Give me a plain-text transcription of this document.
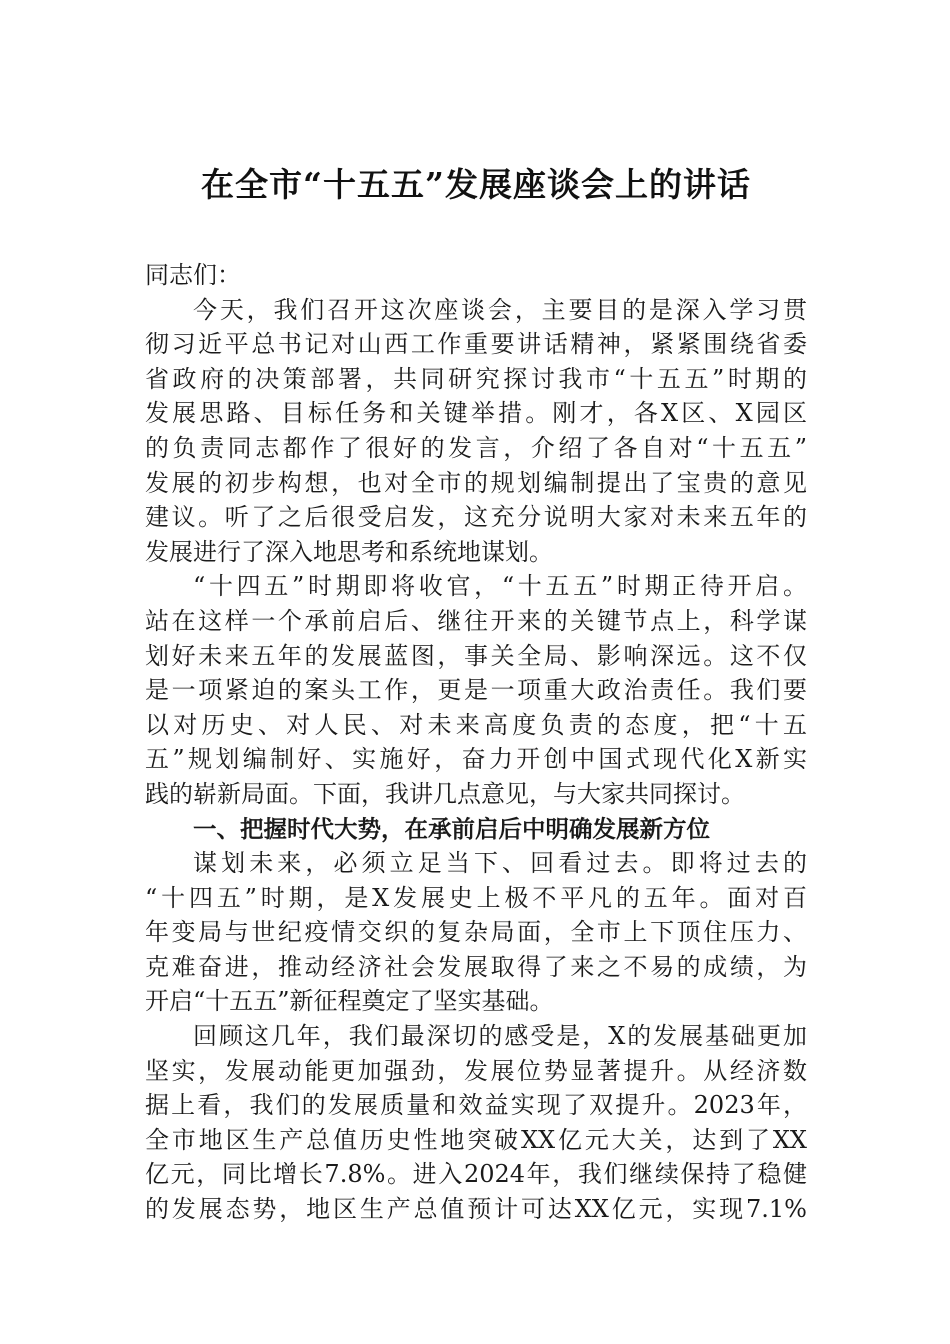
在全市“十五五”发展座谈会上的讲话
同志们：
今天，我们召开这次座谈会，主要目的是深入学习贯
彻习近平总书记对山西工作重要讲话精神，紧紧围绕省委
省政府的决策部署，共同研究探讨我市“十五五”时期的
发展思路、目标任务和关键举措。刚才，各X区、X园区
的负责同志都作了很好的发言，介绍了各自对“十五五”
发展的初步构想，也对全市的规划编制提出了宝贵的意见
建议。听了之后很受启发，这充分说明大家对未来五年的
发展进行了深入地思考和系统地谋划。
“十四五”时期即将收官，“十五五”时期正待开启。
站在这样一个承前启后、继往开来的关键节点上，科学谋
划好未来五年的发展蓝图，事关全局、影响深远。这不仅
是一项紧迫的案头工作，更是一项重大政治责任。我们要
以对历史、对人民、对未来高度负责的态度，把“十五
五”规划编制好、实施好，奋力开创中国式现代化X新实
践的崭新局面。下面，我讲几点意见，与大家共同探讨。
一、把握时代大势，在承前启后中明确发展新方位
谋划未来，必须立足当下、回看过去。即将过去的
“十四五”时期，是X发展史上极不平凡的五年。面对百
年变局与世纪疫情交织的复杂局面，全市上下顶住压力、
克难奋进，推动经济社会发展取得了来之不易的成绩，为
开启“十五五”新征程奠定了坚实基础。
回顾这几年，我们最深切的感受是，X的发展基础更加
坚实，发展动能更加强劲，发展位势显著提升。从经济数
据上看，我们的发展质量和效益实现了双提升。2023年，
全市地区生产总值历史性地突破XX亿元大关，达到了XX
亿元，同比增长7.8%。进入2024年，我们继续保持了稳健
的发展态势，地区生产总值预计可达XX亿元，实现7.1%
